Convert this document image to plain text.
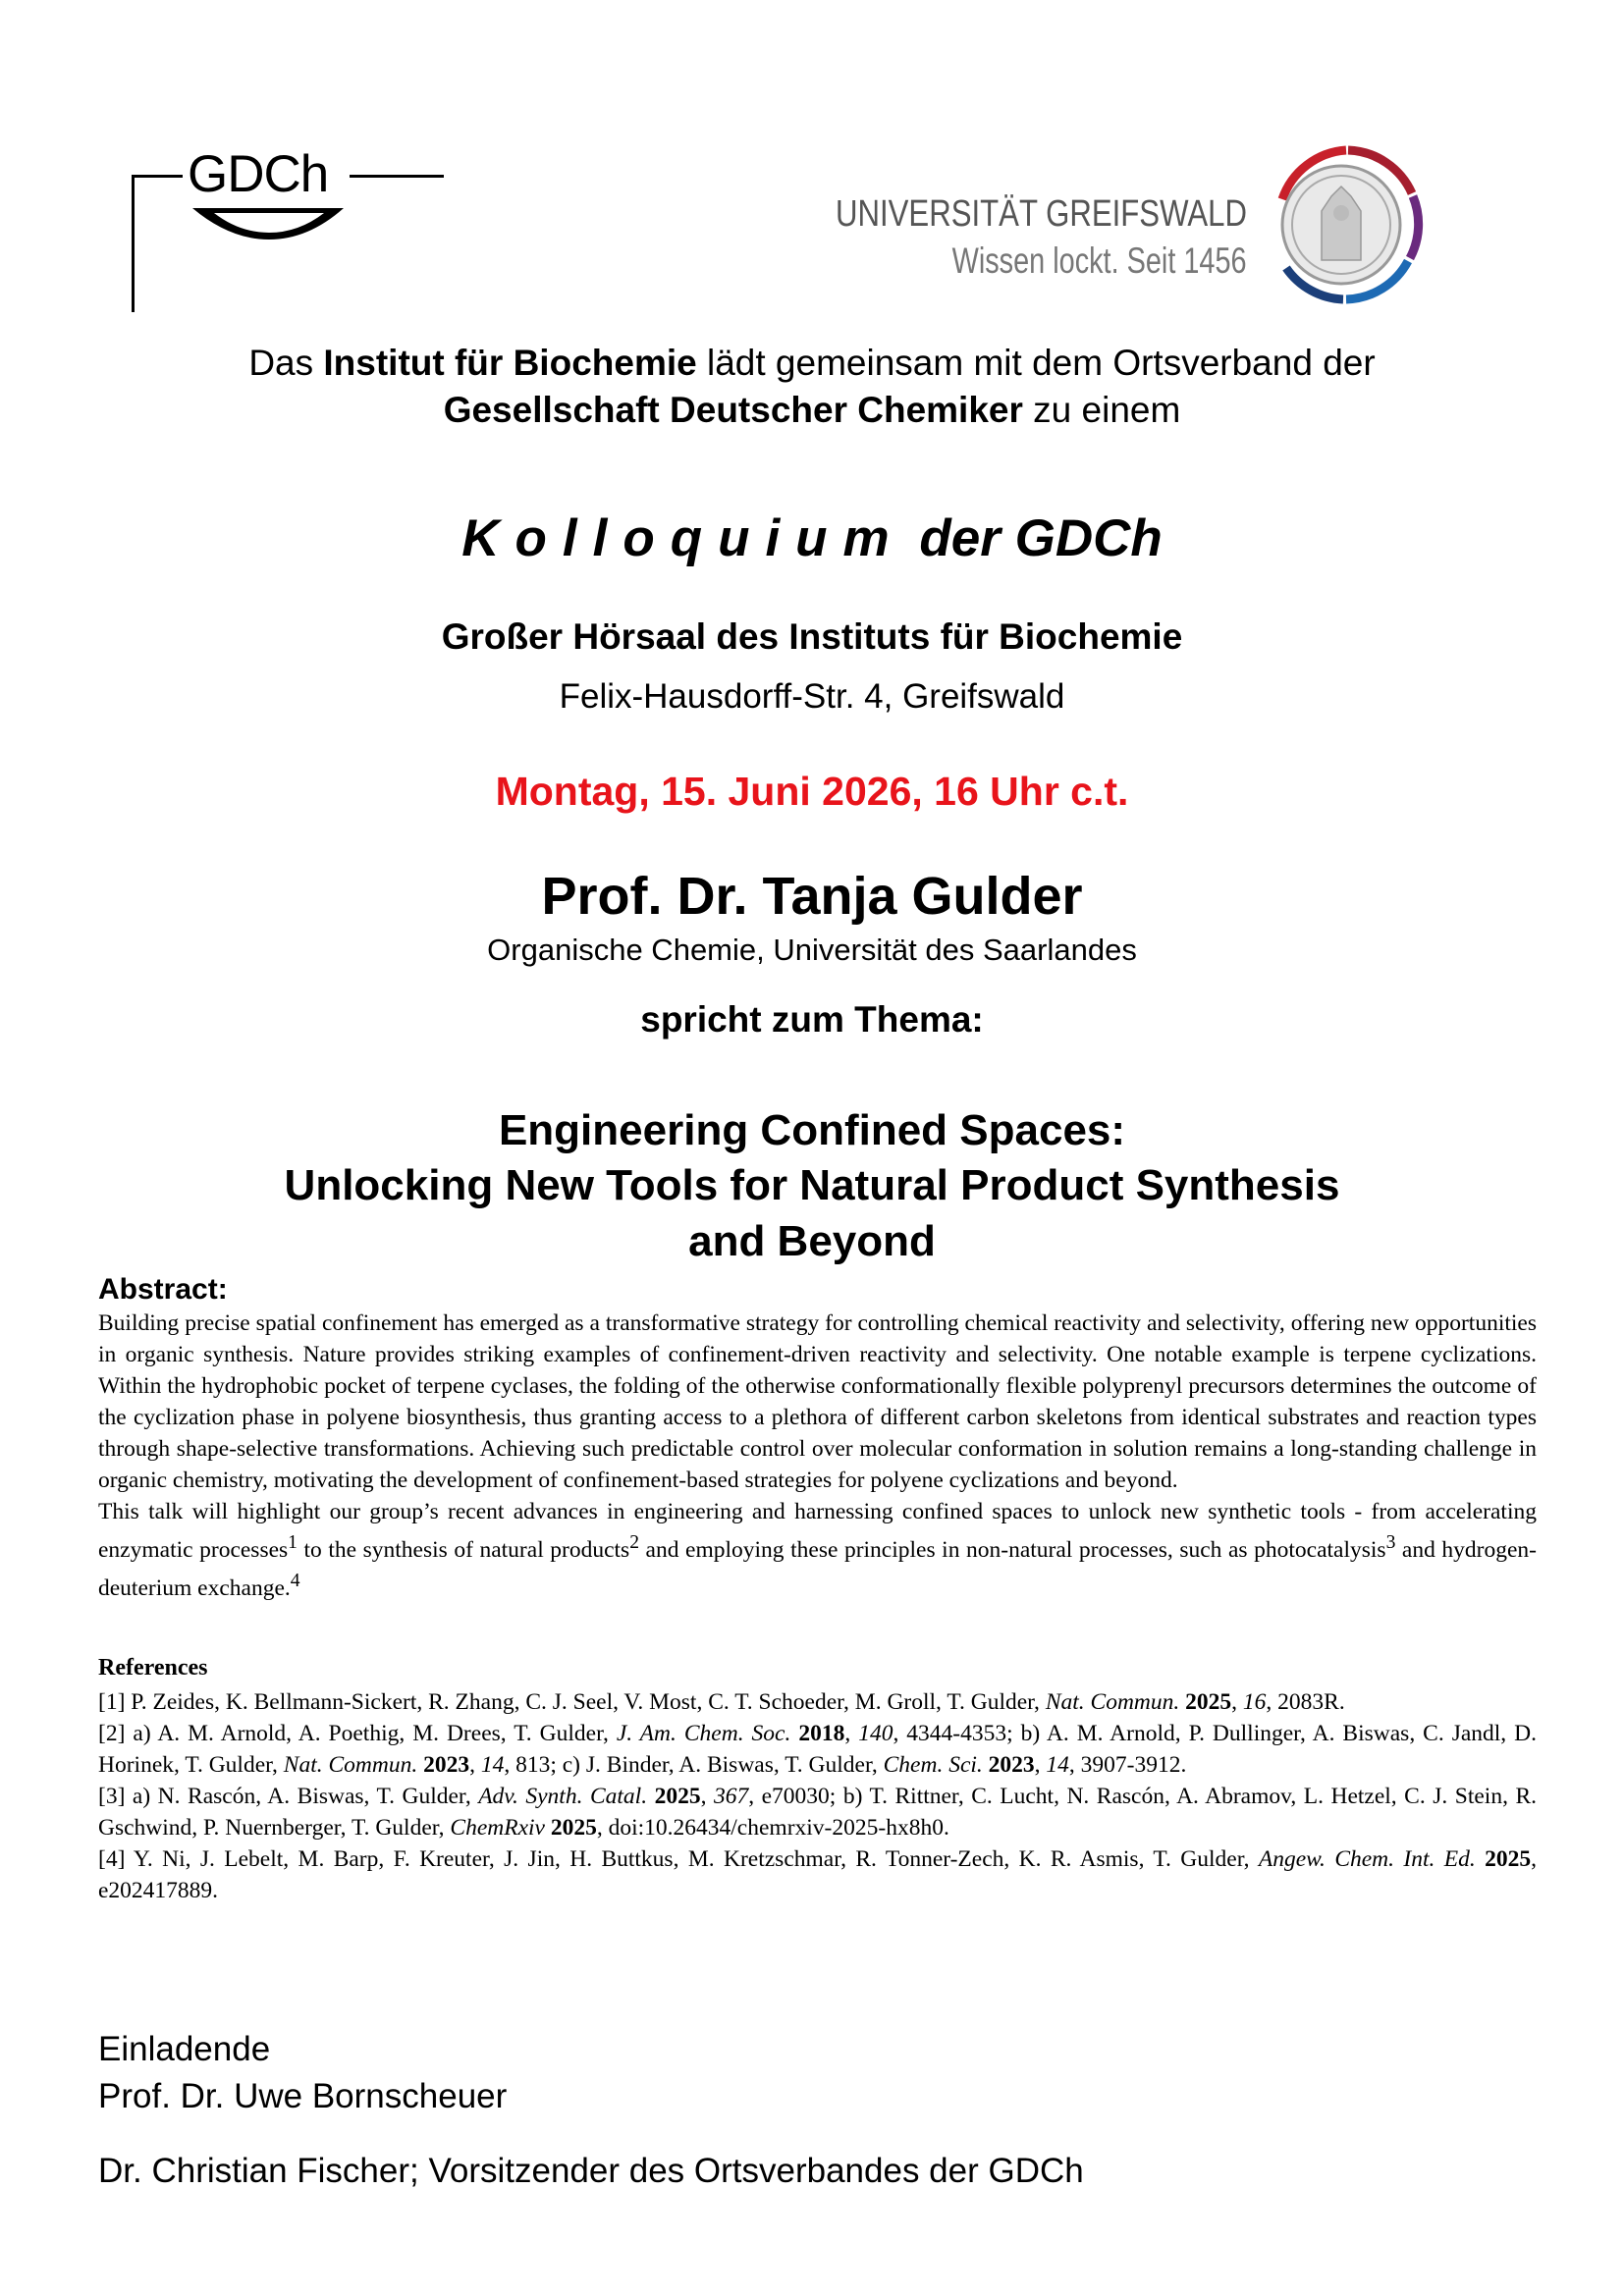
GDCh
UNIVERSITÄT GREIFSWALD
Wissen lockt. Seit 1456
Das Institut für Biochemie lädt gemeinsam mit dem Ortsverband der
Gesellschaft Deutscher Chemiker zu einem
Kolloquium der GDCh
Großer Hörsaal des Instituts für Biochemie
Felix-Hausdorff-Str. 4, Greifswald
Montag, 15. Juni 2026, 16 Uhr c.t.
Prof. Dr. Tanja Gulder
Organische Chemie, Universität des Saarlandes
spricht zum Thema:
Engineering Confined Spaces:
Unlocking New Tools for Natural Product Synthesis
and Beyond
Abstract:

Building precise spatial confinement has emerged as a transformative strategy for controlling chemical reactivity and selectivity, offering new opportunities in organic synthesis. Nature provides striking examples of confinement-driven reactivity and selectivity. One notable example is terpene cyclizations. Within the hydrophobic pocket of terpene cyclases, the folding of the otherwise conformationally flexible polyprenyl precursors determines the outcome of the cyclization phase in polyene biosynthesis, thus granting access to a plethora of different carbon skeletons from identical substrates and reaction types through shape-selective transformations. Achieving such predictable control over molecular conformation in solution remains a long-standing challenge in organic chemistry, motivating the development of confinement-based strategies for polyene cyclizations and beyond.

This talk will highlight our group’s recent advances in engineering and harnessing confined spaces to unlock new synthetic tools - from accelerating enzymatic processes$^1$ to the synthesis of natural products$^2$ and employing these principles in non-natural processes, such as photocatalysis$^3$ and hydrogen-deuterium exchange.$^4$

References

[1] P. Zeides, K. Bellmann-Sickert, R. Zhang, C. J. Seel, V. Most, C. T. Schoeder, M. Groll, T. Gulder, Nat. Commun. 2025, 16, 2083R.

[2] a) A. M. Arnold, A. Poethig, M. Drees, T. Gulder, J. Am. Chem. Soc. 2018, 140, 4344-4353; b) A. M. Arnold, P. Dullinger, A. Biswas, C. Jandl, D. Horinek, T. Gulder, Nat. Commun. 2023, 14, 813; c) J. Binder, A. Biswas, T. Gulder, Chem. Sci. 2023, 14, 3907-3912.

[3] a) N. Rascón, A. Biswas, T. Gulder, Adv. Synth. Catal. 2025, 367, e70030; b) T. Rittner, C. Lucht, N. Rascón, A. Abramov, L. Hetzel, C. J. Stein, R. Gschwind, P. Nuernberger, T. Gulder, ChemRxiv 2025, doi:10.26434/chemrxiv-2025-hx8h0.

[4] Y. Ni, J. Lebelt, M. Barp, F. Kreuter, J. Jin, H. Buttkus, M. Kretzschmar, R. Tonner-Zech, K. R. Asmis, T. Gulder, Angew. Chem. Int. Ed. 2025, e202417889.

Einladende
Prof. Dr. Uwe Bornscheuer
Dr. Christian Fischer; Vorsitzender des Ortsverbandes der GDCh
